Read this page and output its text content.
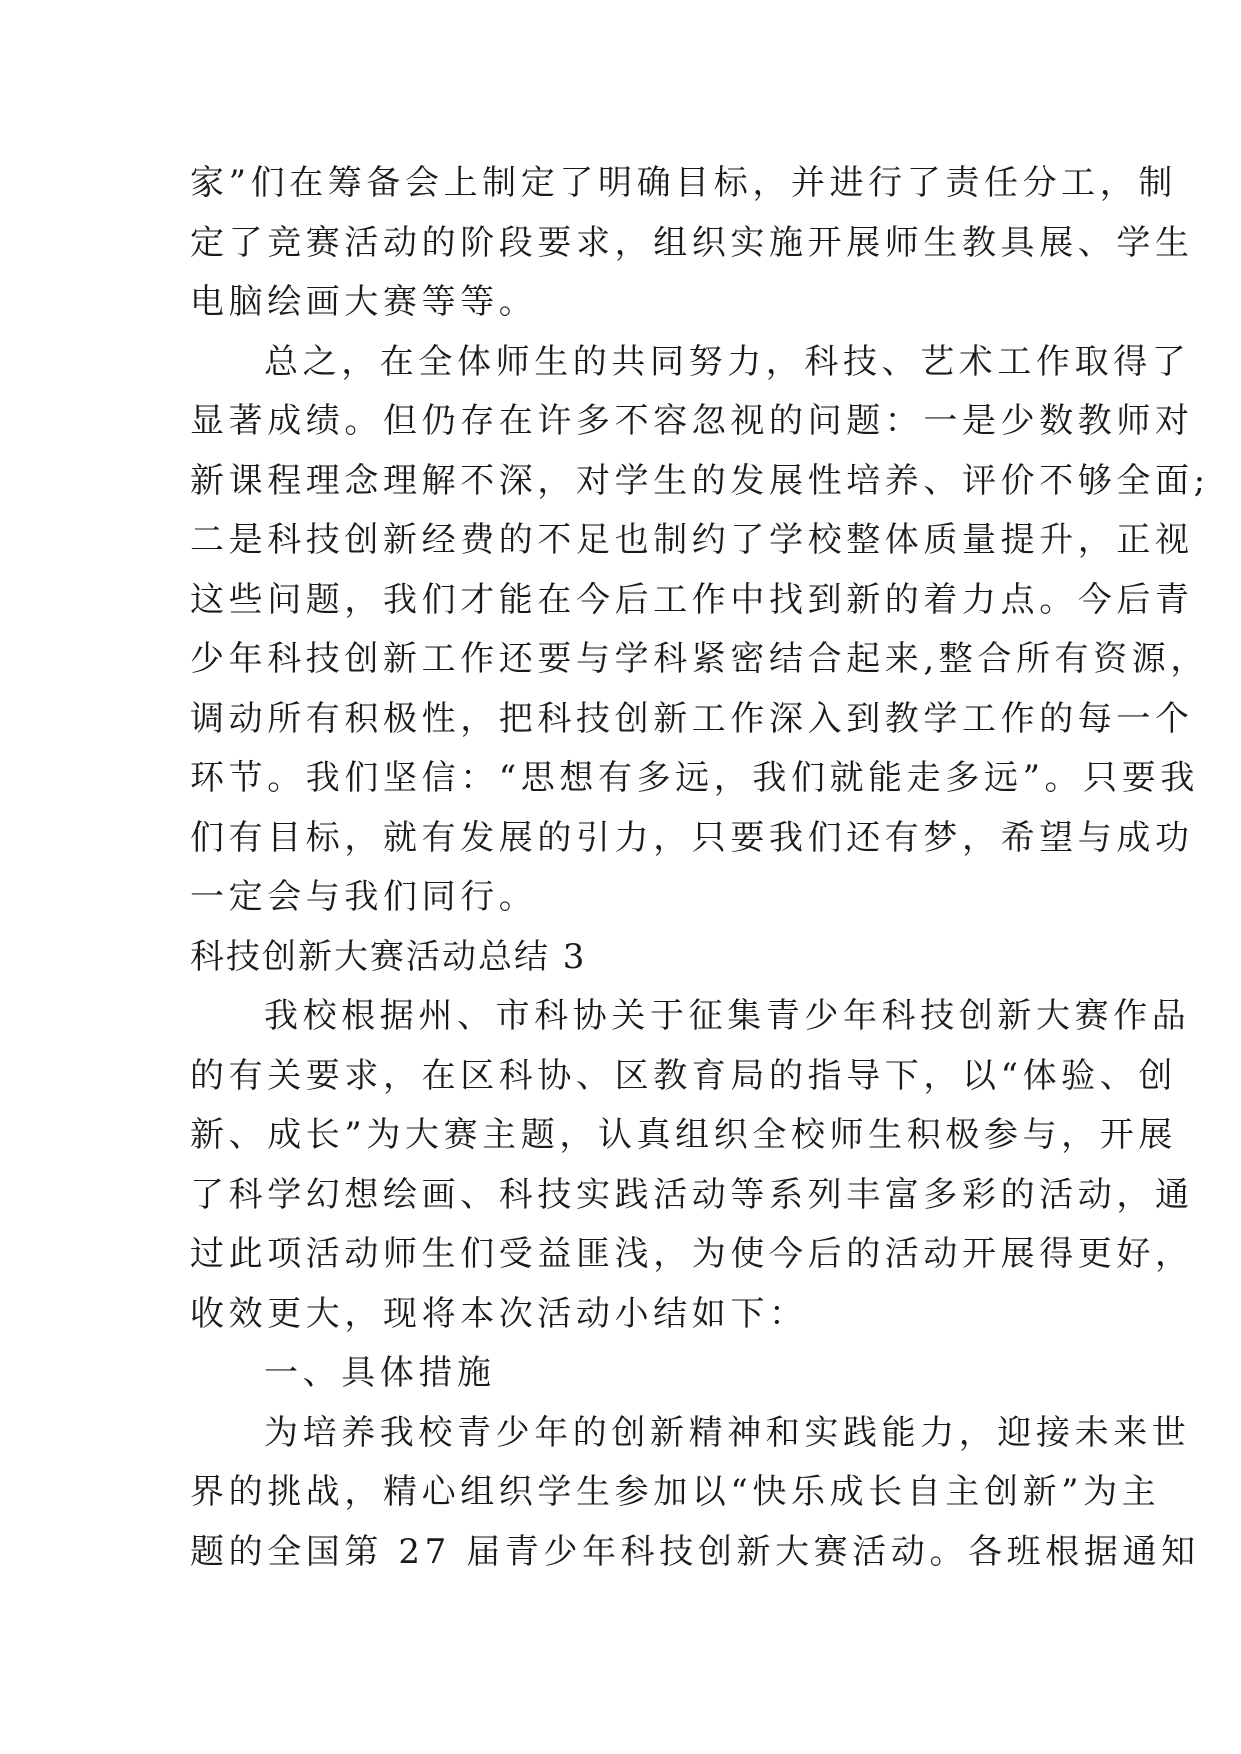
家”们在筹备会上制定了明确目标，并进行了责任分工，制
定了竞赛活动的阶段要求，组织实施开展师生教具展、学生
电脑绘画大赛等等。
总之，在全体师生的共同努力，科技、艺术工作取得了
显著成绩。但仍存在许多不容忽视的问题：一是少数教师对
新课程理念理解不深，对学生的发展性培养、评价不够全面;
二是科技创新经费的不足也制约了学校整体质量提升，正视
这些问题，我们才能在今后工作中找到新的着力点。今后青
少年科技创新工作还要与学科紧密结合起来,整合所有资源，
调动所有积极性，把科技创新工作深入到教学工作的每一个
环节。我们坚信：“思想有多远，我们就能走多远”。只要我
们有目标，就有发展的引力，只要我们还有梦，希望与成功
一定会与我们同行。
科技创新大赛活动总结 3
我校根据州、市科协关于征集青少年科技创新大赛作品
的有关要求，在区科协、区教育局的指导下，以“体验、创
新、成长”为大赛主题，认真组织全校师生积极参与，开展
了科学幻想绘画、科技实践活动等系列丰富多彩的活动，通
过此项活动师生们受益匪浅，为使今后的活动开展得更好，
收效更大，现将本次活动小结如下：
一、具体措施
为培养我校青少年的创新精神和实践能力，迎接未来世
界的挑战，精心组织学生参加以“快乐成长自主创新”为主
题的全国第 27 届青少年科技创新大赛活动。各班根据通知
